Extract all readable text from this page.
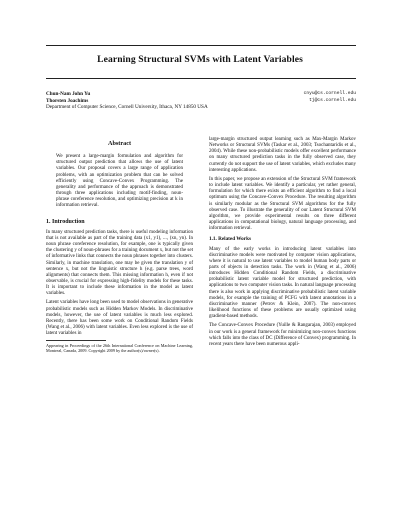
Learning Structural SVMs with Latent Variables
Chun-Nam John Yu	cnyu@cs.cornell.edu
Thorsten Joachims	tj@cs.cornell.edu
Department of Computer Science, Cornell University, Ithaca, NY 14850 USA
Abstract

We present a large-margin formulation and algorithm for structured output prediction that allows the use of latent variables. Our proposal covers a large range of application problems, with an optimization problem that can be solved efficiently using Concave-Convex Programming. The generality and performance of the approach is demonstrated through three applications including motif-finding, noun-phrase coreference resolution, and optimizing precision at k in information retrieval.

1. Introduction

In many structured prediction tasks, there is useful modeling information that is not available as part of the training data (x1, y1), ..., (xn, yn). In noun phrase coreference resolution, for example, one is typically given the clustering y of noun-phrases for a training document x, but not the set of informative links that connects the noun phrases together into clusters. Similarly, in machine translation, one may be given the translation y of sentence x, but not the linguistic structure h (e.g. parse trees, word alignments) that connects them. This missing information h, even if not observable, is crucial for expressing high-fidelity models for these tasks. It is important to include these information in the model as latent variables.

Latent variables have long been used to model observations in generative probabilistic models such as Hidden Markov Models. In discriminative models, however, the use of latent variables is much less explored. Recently, there has been some work on Conditional Random Fields (Wang et al., 2006) with latent variables. Even less explored is the use of latent variables in

Appearing in Proceedings of the 26th International Conference on Machine Learning, Montreal, Canada, 2009. Copyright 2009 by the author(s)/owner(s).

large-margin structured output learning such as Max-Margin Markov Networks or Structural SVMs (Taskar et al., 2003; Tsochantaridis et al., 2004). While these non-probabilistic models offer excellent performance on many structured prediction tasks in the fully observed case, they currently do not support the use of latent variables, which excludes many interesting applications.

In this paper, we propose an extension of the Structural SVM framework to include latent variables. We identify a particular, yet rather general, formulation for which there exists an efficient algorithm to find a local optimum using the Concave-Convex Procedure. The resulting algorithm is similarly modular as the Structural SVM algorithms for the fully observed case. To illustrate the generality of our Latent Structural SVM algorithm, we provide experimental results on three different applications in computational biology, natural language processing, and information retrieval.

1.1. Related Works

Many of the early works in introducing latent variables into discriminative models were motivated by computer vision applications, where it is natural to use latent variables to model human body parts or parts of objects in detection tasks. The work in (Wang et al., 2006) introduces Hidden Conditional Random Fields, a discriminative probabilistic latent variable model for structured prediction, with applications to two computer vision tasks. In natural language processing there is also work in applying discriminative probabilistic latent variable models, for example the training of PCFG with latent annotations in a discriminative manner (Petrov & Klein, 2007). The non-convex likelihood functions of these problems are usually optimized using gradient-based methods.

The Concave-Convex Procedure (Yuille & Rangarajan, 2003) employed in our work is a general framework for minimizing non-convex functions which falls into the class of DC (Difference of Convex) programming. In recent years there have been numerous appli-
